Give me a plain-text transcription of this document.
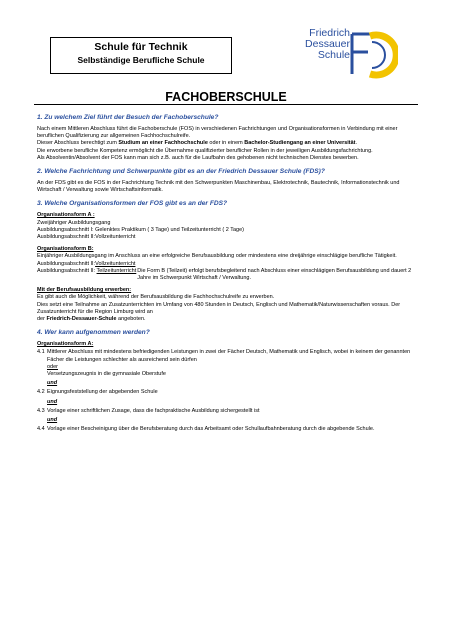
Schule für Technik
Selbständige Berufliche Schule
Friedrich
Dessauer
Schule
FACHOBERSCHULE
1. Zu welchem Ziel führt der Besuch der Fachoberschule?
Nach einem Mittleren Abschluss führt die Fachoberschule (FOS) in verschiedenen Fachrichtungen und Organisationsformen in Verbindung mit einer beruflichen Qualifizierung zur allgemeinen Fachhochschulreife.
Dieser Abschluss berechtigt zum Studium an einer Fachhochschule oder in einem Bachelor-Studiengang an einer Universität.
Die erworbene berufliche Kompetenz ermöglicht die Übernahme qualifizierter beruflicher Rollen in der jeweiligen Ausbildungsfachrichtung.
Als Absolventin/Absolvent der FOS kann man sich z.B. auch für die Laufbahn des gehobenen nicht technischen Dienstes bewerben.
2. Welche Fachrichtung und Schwerpunkte gibt es an der Friedrich Dessauer Schule (FDS)?
An der FDS gibt es die FOS in der Fachrichtung Technik mit den Schwerpunkten Maschinenbau, Elektrotechnik, Bautechnik, Informationstechnik und Wirtschaft / Verwaltung sowie Wirtschaftsinformatik.
3. Welche Organisationsformen der FOS gibt es an der FDS?
Organisationsform A :
Zweijähriger Ausbildungsgang
Ausbildungsabschnitt I: Gelenktes Praktikum ( 3 Tage) und Teilzeitunterricht ( 2 Tage)
Ausbildungsabschnitt II:Vollzeitunterricht
Organisationsform B:
Einjähriger Ausbildungsgang im Anschluss an eine erfolgreiche Berufsausbildung oder mindestens eine dreijährige einschlägige berufliche Tätigkeit.
Ausbildungsabschnitt II:Vollzeitunterricht
Ausbildungsabschnitt II: Teilzeitunterricht Die Form B (Teilzeit) erfolgt berufsbegleitend nach Abschluss einer einschlägigen Berufsausbildung und dauert 2 Jahre im Schwerpunkt Wirtschaft / Verwaltung.
Mit der Berufsausbildung erwerben:
Es gibt auch die Möglichkeit, während der Berufsausbildung die Fachhochschulreife zu erwerben.
Dies setzt eine Teilnahme an Zusatzunterrichten im Umfang von 480 Stunden in Deutsch, Englisch und Mathematik/Naturwissenschaften voraus. Der Zusatzunterricht für die Region Limburg wird an
der Friedrich-Dessauer-Schule angeboten.
4. Wer kann aufgenommen werden?
Organisationsform A:
4.1 Mittlerer Abschluss mit mindestens befriedigenden Leistungen in zwei der Fächer Deutsch, Mathematik und Englisch, wobei in keinem der genannten Fächer die Leistungen schlechter als ausreichend sein dürfen
oder
Versetzungszeugnis in die gymnasiale Oberstufe
und
4.2 Eignungsfeststellung der abgebenden Schule
und
4.3 Vorlage einer schriftlichen Zusage, dass die fachpraktische Ausbildung sichergestellt ist
und
4.4 Vorlage einer Bescheinigung über die Berufsberatung durch das Arbeitsamt oder Schullaufbahnberatung durch die abgebende Schule.
